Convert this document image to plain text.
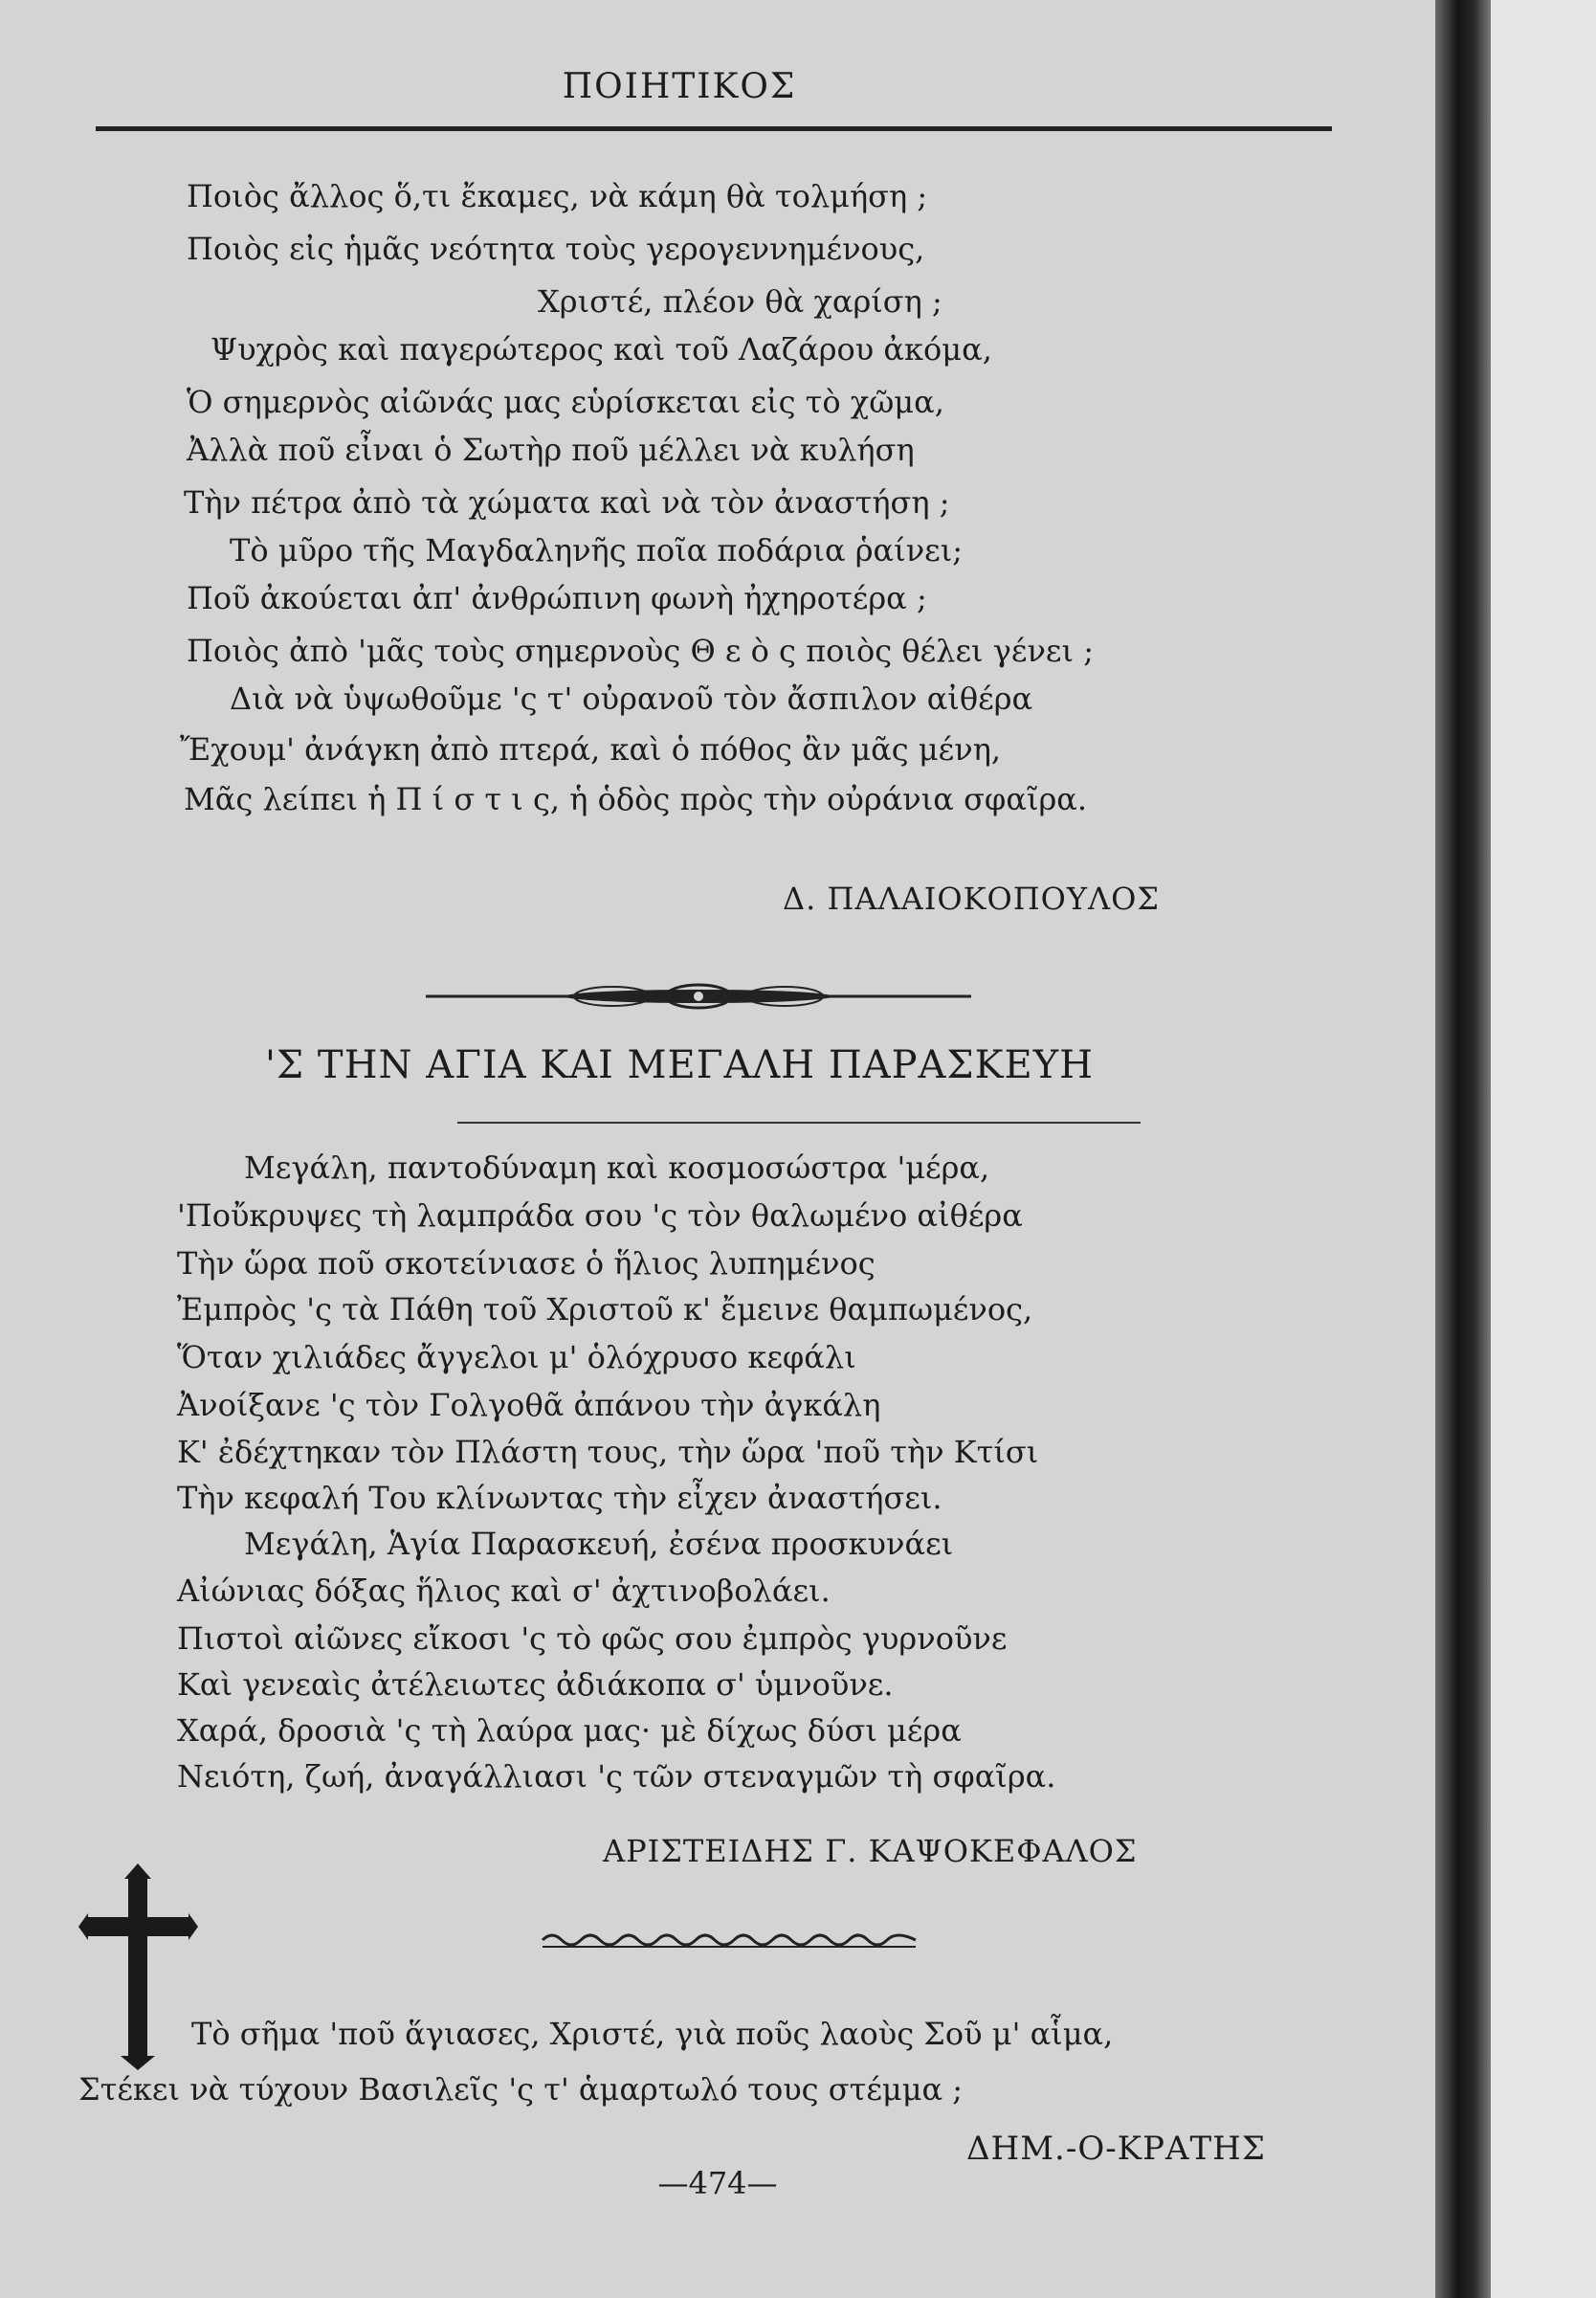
ΠΟΙΗΤΙΚΟΣ
Ποιὸς ἄλλος ὅ,τι ἔκαμες, νὰ κάμη θὰ τολμήση ;
Ποιὸς εἰς ἡμᾶς νεότητα τοὺς γερογεννημένους,
Χριστέ, πλέον θὰ χαρίση ;
Ψυχρὸς καὶ παγερώτερος καὶ τοῦ Λαζάρου ἀκόμα,
Ὁ σημερνὸς αἰῶνάς μας εὑρίσκεται εἰς τὸ χῶμα,
Ἀλλὰ ποῦ εἶναι ὁ Σωτὴρ ποῦ μέλλει νὰ κυλήση
Τὴν πέτρα ἀπὸ τὰ χώματα καὶ νὰ τὸν ἀναστήση ;
Τὸ μῦρο τῆς Μαγδαληνῆς ποῖα ποδάρια ῥαίνει;
Ποῦ ἀκούεται ἀπ' ἀνθρώπινη φωνὴ ἠχηροτέρα ;
Ποιὸς ἀπὸ 'μᾶς τοὺς σημερνοὺς Θ ε ὸ ς ποιὸς θέλει γένει ;
Διὰ νὰ ὑψωθοῦμε 'ς τ' οὐρανοῦ τὸν ἄσπιλον αἰθέρα
Ἔχουμ' ἀνάγκη ἀπὸ πτερά, καὶ ὁ πόθος ἂν μᾶς μένη,
Μᾶς λείπει ἡ Π ί σ τ ι ς, ἡ ὁδὸς πρὸς τὴν οὐράνια σφαῖρα.
Δ. ΠΑΛΑΙΟΚΟΠΟΥΛΟΣ
'Σ ΤΗΝ ΑΓΙΑ ΚΑΙ ΜΕΓΑΛΗ ΠΑΡΑΣΚΕΥΗ
Μεγάλη, παντοδύναμη καὶ κοσμοσώστρα 'μέρα,
'Ποὔκρυψες τὴ λαμπράδα σου 'ς τὸν θαλωμένο αἰθέρα
Τὴν ὥρα ποῦ σκοτείνιασε ὁ ἥλιος λυπημένος
Ἐμπρὸς 'ς τὰ Πάθη τοῦ Χριστοῦ κ' ἔμεινε θαμπωμένος,
Ὅταν χιλιάδες ἄγγελοι μ' ὁλόχρυσο κεφάλι
Ἀνοίξανε 'ς τὸν Γολγοθᾶ ἀπάνου τὴν ἀγκάλη
Κ' ἐδέχτηκαν τὸν Πλάστη τους, τὴν ὥρα 'ποῦ τὴν Κτίσι
Τὴν κεφαλή Του κλίνωντας τὴν εἶχεν ἀναστήσει.
Μεγάλη, Ἁγία Παρασκευή, ἐσένα προσκυνάει
Αἰώνιας δόξας ἥλιος καὶ σ' ἀχτινοβολάει.
Πιστοὶ αἰῶνες εἴκοσι 'ς τὸ φῶς σου ἐμπρὸς γυρνοῦνε
Καὶ γενεαὶς ἀτέλειωτες ἀδιάκοπα σ' ὑμνοῦνε.
Χαρά, δροσιὰ 'ς τὴ λαύρα μας· μὲ δίχως δύσι μέρα
Νειότη, ζωή, ἀναγάλλιασι 'ς τῶν στεναγμῶν τὴ σφαῖρα.
ΑΡΙΣΤΕΙΔΗΣ Γ. ΚΑΨΟΚΕΦΑΛΟΣ
Τὸ σῆμα 'ποῦ ἅγιασες, Χριστέ, γιὰ ποῦς λαοὺς Σοῦ μ' αἷμα,
Στέκει νὰ τύχουν Βασιλεῖς 'ς τ' ἁμαρτωλό τους στέμμα ;
ΔΗΜ.-Ο-ΚΡΑΤΗΣ
—474—
